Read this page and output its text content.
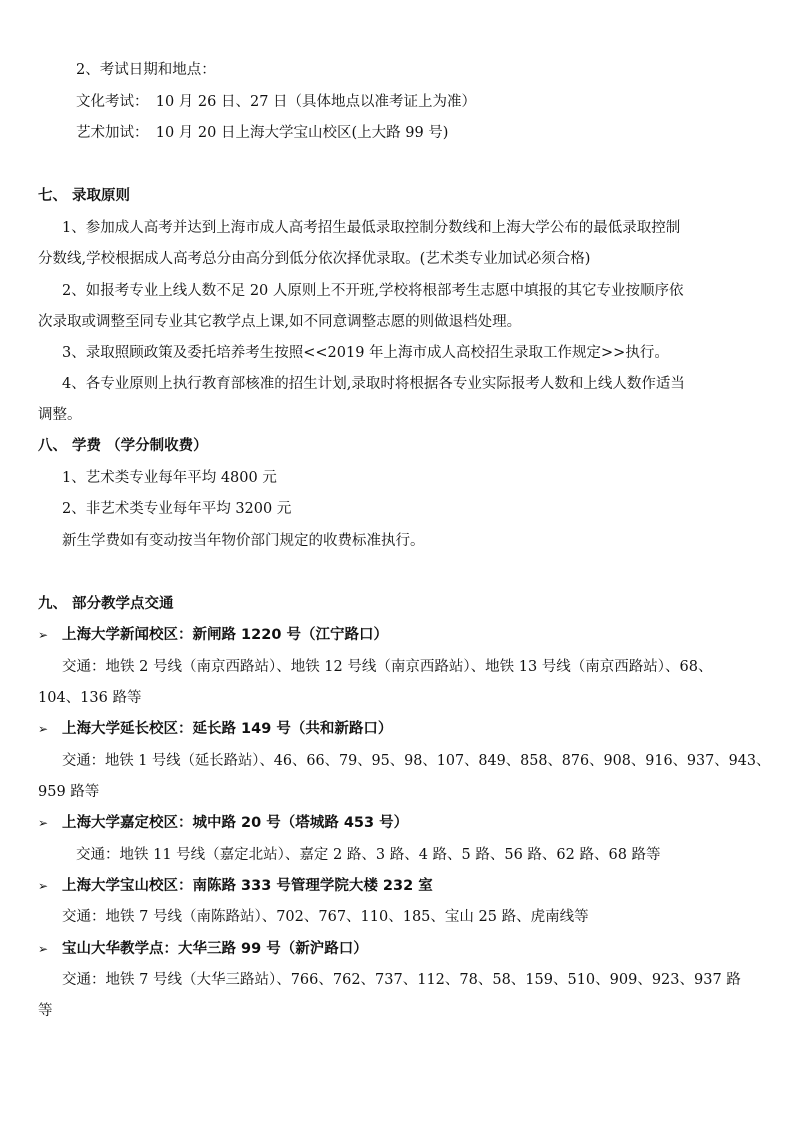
2、考试日期和地点：
文化考试：　10 月 26 日、27 日（具体地点以准考证上为准）
艺术加试：　10 月 20 日上海大学宝山校区(上大路 99 号)
七、 录取原则
1、参加成人高考并达到上海市成人高考招生最低录取控制分数线和上海大学公布的最低录取控制
分数线,学校根据成人高考总分由高分到低分依次择优录取。(艺术类专业加试必须合格)
2、如报考专业上线人数不足 20 人原则上不开班,学校将根部考生志愿中填报的其它专业按顺序依
次录取或调整至同专业其它教学点上课,如不同意调整志愿的则做退档处理。
3、录取照顾政策及委托培养考生按照<<2019 年上海市成人高校招生录取工作规定>>执行。
4、各专业原则上执行教育部核准的招生计划,录取时将根据各专业实际报考人数和上线人数作适当
调整。
八、 学费 （学分制收费）
1、艺术类专业每年平均 4800 元
2、非艺术类专业每年平均 3200 元
新生学费如有变动按当年物价部门规定的收费标准执行。
九、 部分教学点交通
➢ 上海大学新闻校区：新闸路 1220 号（江宁路口）
交通：地铁 2 号线（南京西路站）、地铁 12 号线（南京西路站）、地铁 13 号线（南京西路站）、68、
104、136 路等
➢ 上海大学延长校区：延长路 149 号（共和新路口）
交通：地铁 1 号线（延长路站）、46、66、79、95、98、107、849、858、876、908、916、937、943、
959 路等
➢ 上海大学嘉定校区：城中路 20 号（塔城路 453 号）
交通：地铁 11 号线（嘉定北站）、嘉定 2 路、3 路、4 路、5 路、56 路、62 路、68 路等
➢ 上海大学宝山校区：南陈路 333 号管理学院大楼 232 室
交通：地铁 7 号线（南陈路站）、702、767、110、185、宝山 25 路、虎南线等
➢ 宝山大华教学点：大华三路 99 号（新沪路口）
交通：地铁 7 号线（大华三路站）、766、762、737、112、78、58、159、510、909、923、937 路
等
